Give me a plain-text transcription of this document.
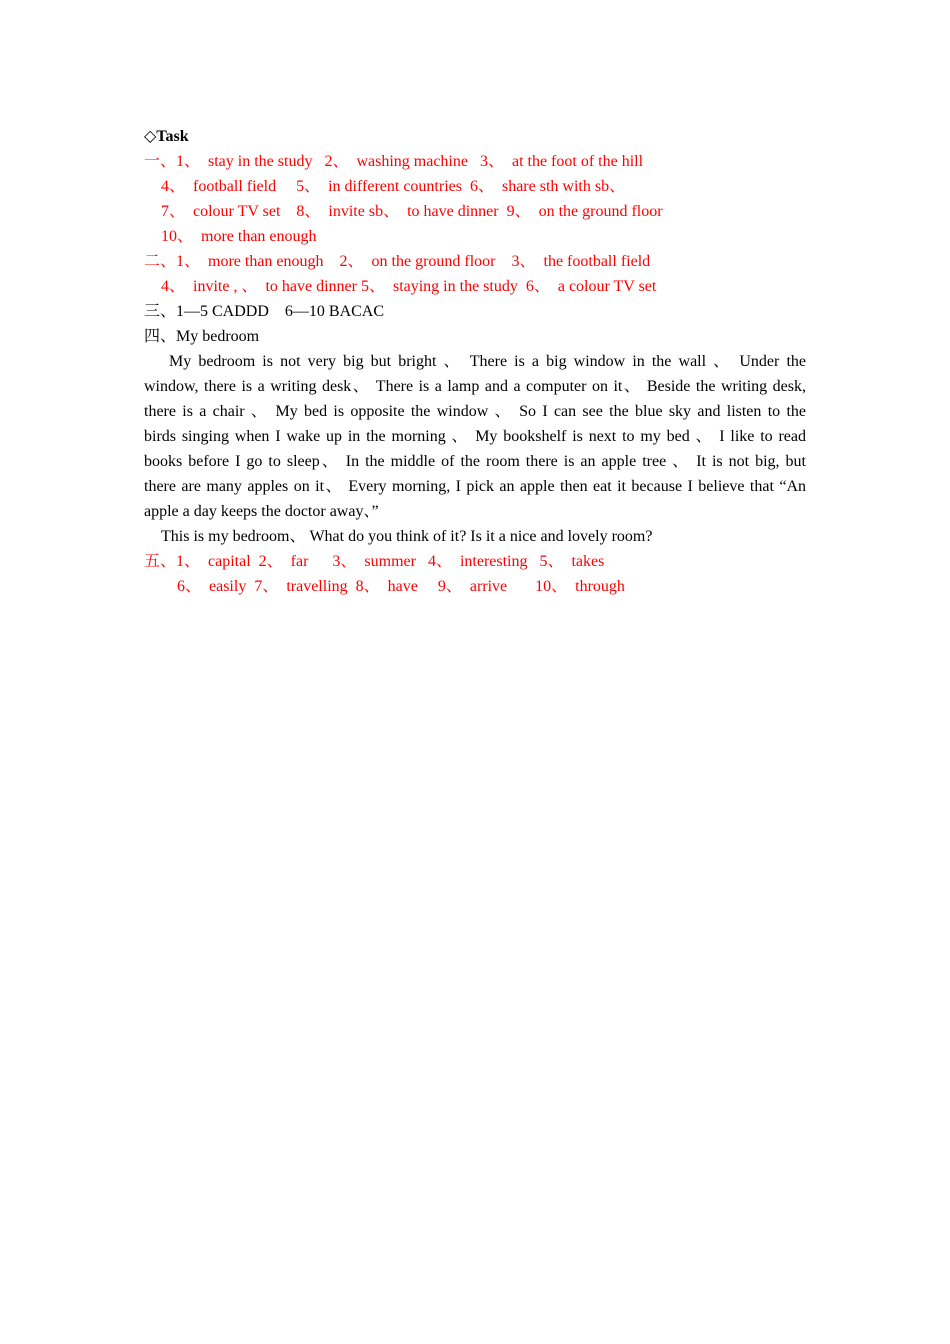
◇Task
一、1、  stay in the study   2、  washing machine   3、  at the foot of the hill
4、  football field     5、  in different countries  6、  share sth with sb、
7、  colour TV set    8、  invite sb、  to have dinner  9、  on the ground floor
10、  more than enough
二、1、  more than enough    2、  on the ground floor    3、  the football field
4、  invite , 、  to have dinner 5、  staying in the study  6、  a colour TV set
三、1—5 CADDD    6—10 BACAC
四、My bedroom
My bedroom is not very big but bright 、 There is a big window in the wall 、 Under the
window, there is a writing desk、 There is a lamp and a computer on it、 Beside the writing desk,
there is a chair 、 My bed is opposite the window 、 So I can see the blue sky and listen to the
birds singing when I wake up in the morning 、 My bookshelf is next to my bed 、 I like to read
books before I go to sleep、 In the middle of the room there is an apple tree 、 It is not big, but
there are many apples on it、 Every morning, I pick an apple then eat it because I believe that “An
apple a day keeps the doctor away、”
This is my bedroom、 What do you think of it? Is it a nice and lovely room?
五、1、  capital  2、  far      3、  summer   4、  interesting   5、  takes
6、  easily  7、  travelling  8、  have     9、  arrive       10、  through
